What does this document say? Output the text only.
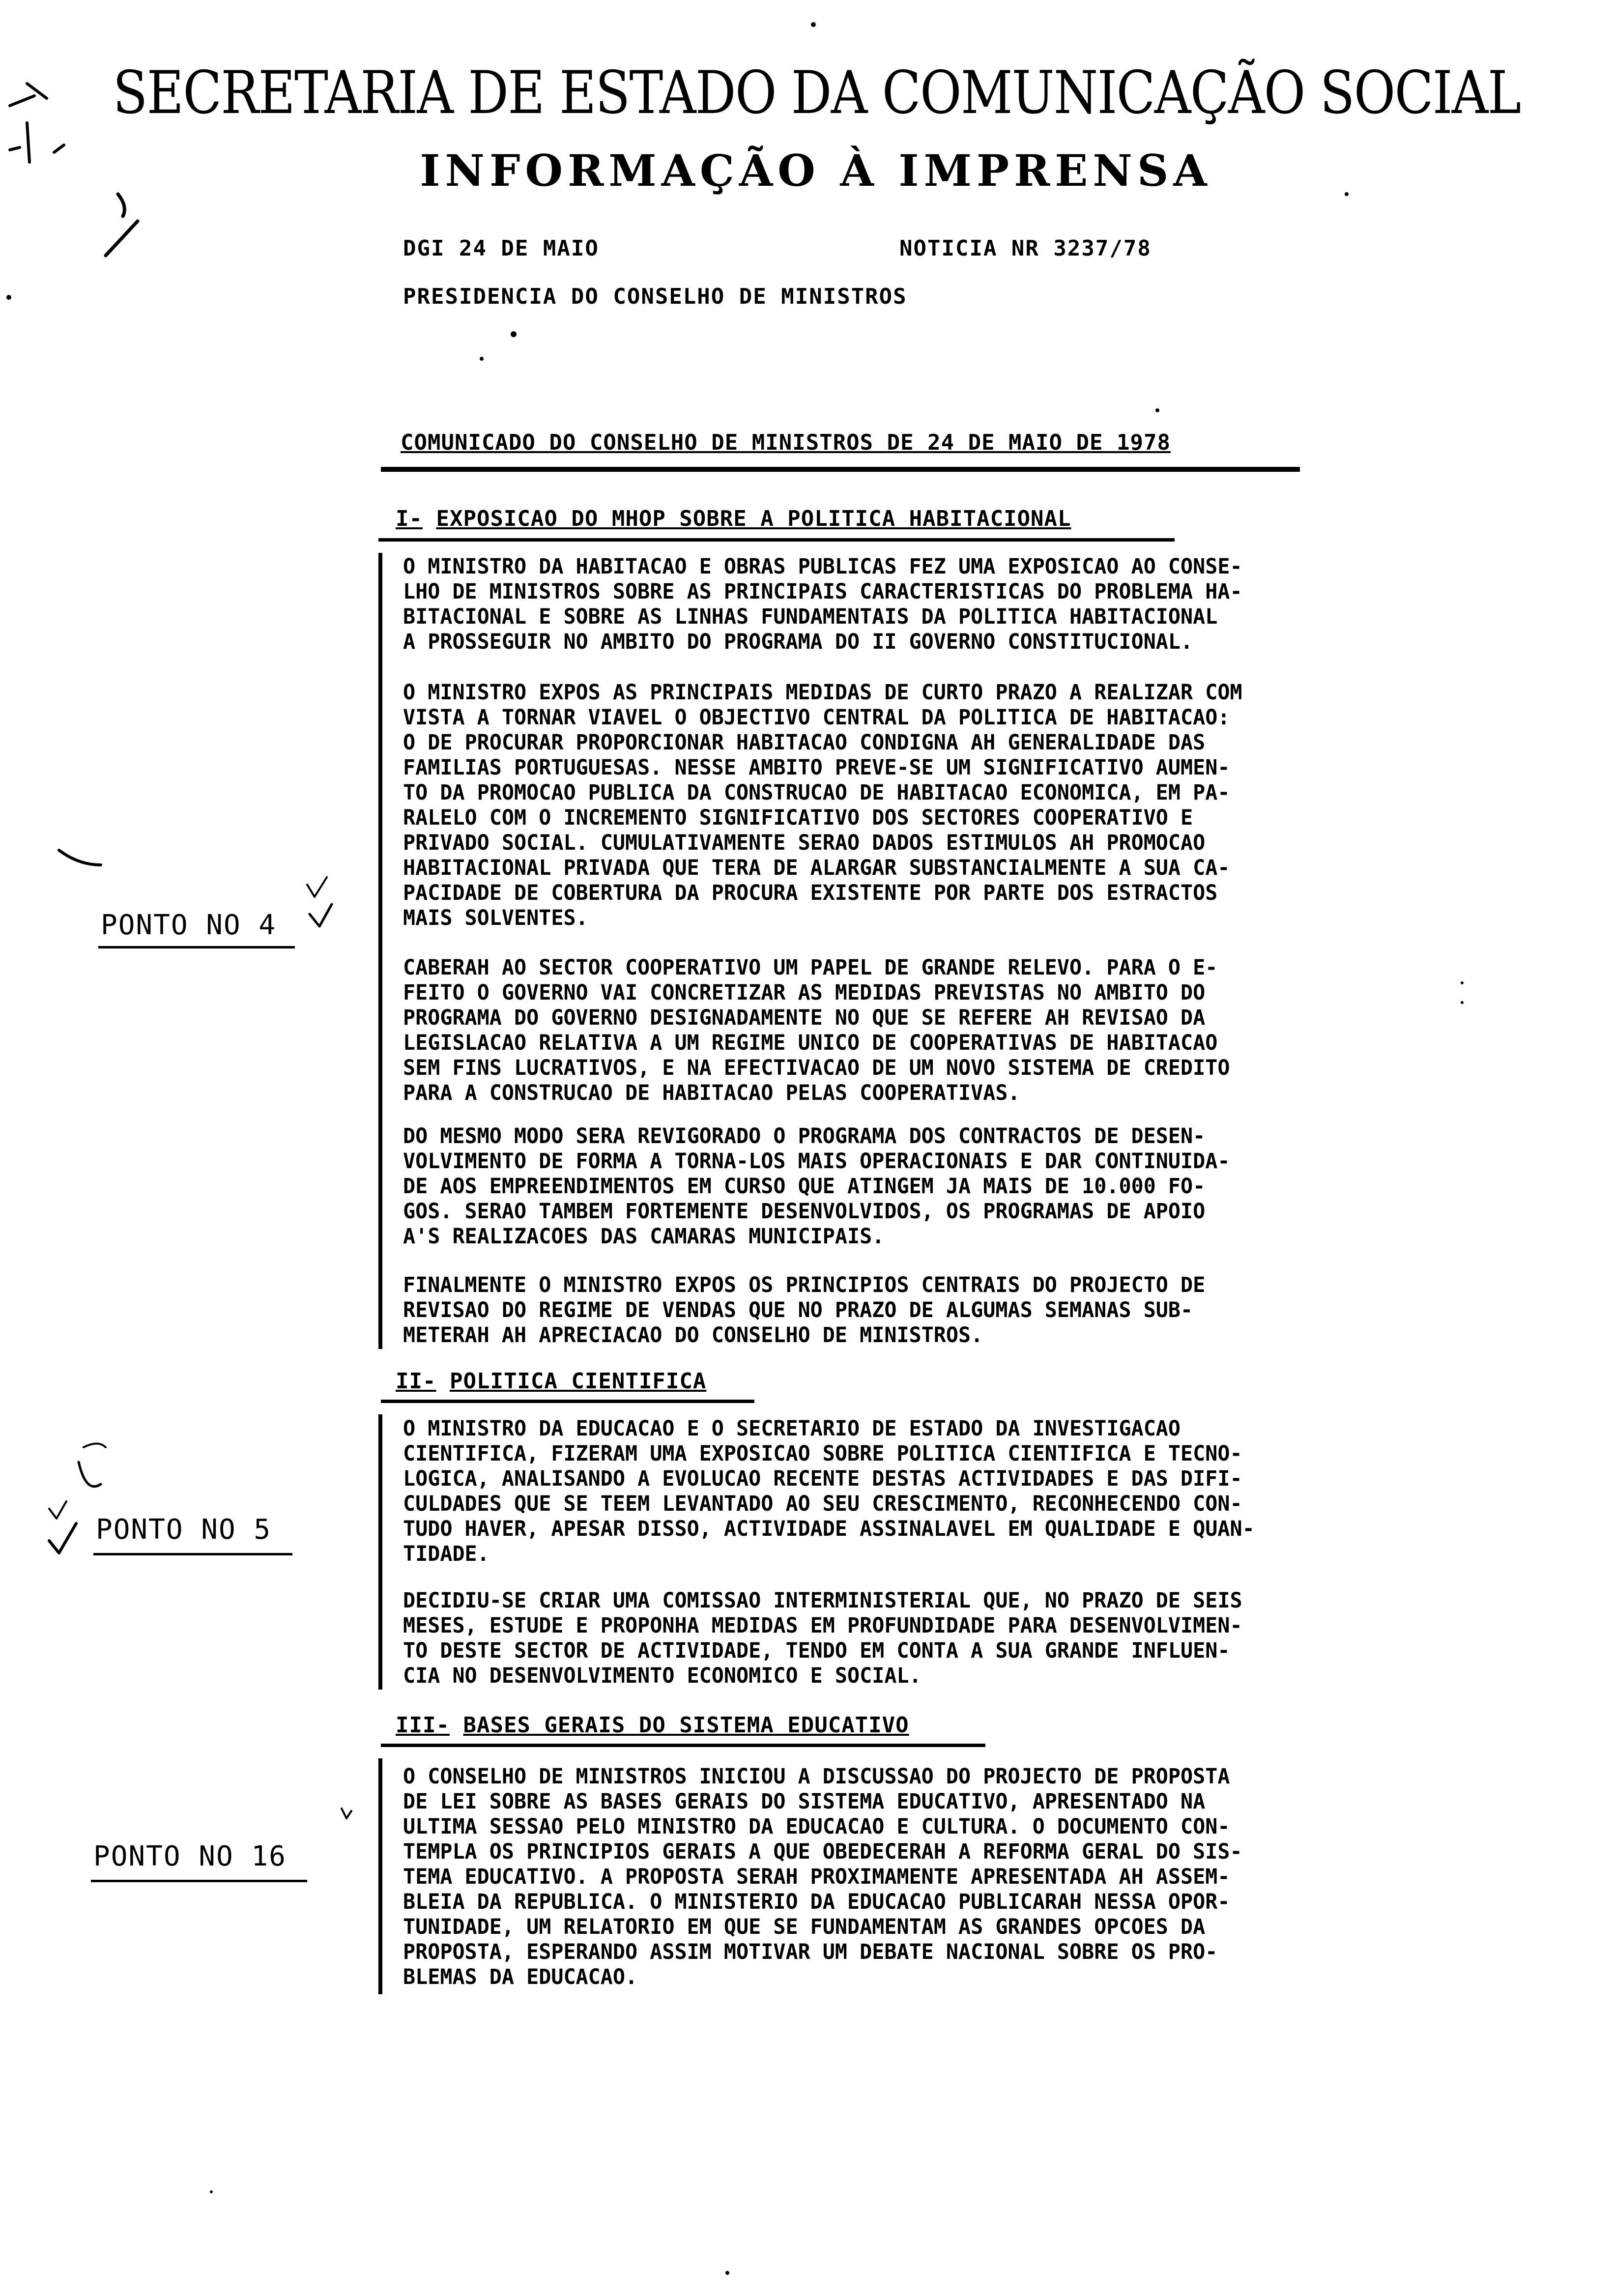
SECRETARIA DE ESTADO DA COMUNICAÇÃO SOCIAL
INFORMAÇÃO À IMPRENSA
DGI 24 DE MAIO	NOTICIA NR 3237/78
PRESIDENCIA DO CONSELHO DE MINISTROS
COMUNICADO DO CONSELHO DE MINISTROS DE 24 DE MAIO DE 1978
I- EXPOSICAO DO MHOP SOBRE A POLITICA HABITACIONAL
O MINISTRO DA HABITACAO E OBRAS PUBLICAS FEZ UMA EXPOSICAO AO CONSE-
LHO DE MINISTROS SOBRE AS PRINCIPAIS CARACTERISTICAS DO PROBLEMA HA-
BITACIONAL E SOBRE AS LINHAS FUNDAMENTAIS DA POLITICA HABITACIONAL
A PROSSEGUIR NO AMBITO DO PROGRAMA DO II GOVERNO CONSTITUCIONAL.
O MINISTRO EXPOS AS PRINCIPAIS MEDIDAS DE CURTO PRAZO A REALIZAR COM
VISTA A TORNAR VIAVEL O OBJECTIVO CENTRAL DA POLITICA DE HABITACAO:
O DE PROCURAR PROPORCIONAR HABITACAO CONDIGNA AH GENERALIDADE DAS
FAMILIAS PORTUGUESAS. NESSE AMBITO PREVE-SE UM SIGNIFICATIVO AUMEN-
TO DA PROMOCAO PUBLICA DA CONSTRUCAO DE HABITACAO ECONOMICA, EM PA-
RALELO COM O INCREMENTO SIGNIFICATIVO DOS SECTORES COOPERATIVO E
PRIVADO SOCIAL. CUMULATIVAMENTE SERAO DADOS ESTIMULOS AH PROMOCAO
HABITACIONAL PRIVADA QUE TERA DE ALARGAR SUBSTANCIALMENTE A SUA CA-
PACIDADE DE COBERTURA DA PROCURA EXISTENTE POR PARTE DOS ESTRACTOS
MAIS SOLVENTES.
CABERAH AO SECTOR COOPERATIVO UM PAPEL DE GRANDE RELEVO. PARA O E-
FEITO O GOVERNO VAI CONCRETIZAR AS MEDIDAS PREVISTAS NO AMBITO DO
PROGRAMA DO GOVERNO DESIGNADAMENTE NO QUE SE REFERE AH REVISAO DA
LEGISLACAO RELATIVA A UM REGIME UNICO DE COOPERATIVAS DE HABITACAO
SEM FINS LUCRATIVOS, E NA EFECTIVACAO DE UM NOVO SISTEMA DE CREDITO
PARA A CONSTRUCAO DE HABITACAO PELAS COOPERATIVAS.
DO MESMO MODO SERA REVIGORADO O PROGRAMA DOS CONTRACTOS DE DESEN-
VOLVIMENTO DE FORMA A TORNA-LOS MAIS OPERACIONAIS E DAR CONTINUIDA-
DE AOS EMPREENDIMENTOS EM CURSO QUE ATINGEM JA MAIS DE 10.000 FO-
GOS. SERAO TAMBEM FORTEMENTE DESENVOLVIDOS, OS PROGRAMAS DE APOIO
A'S REALIZACOES DAS CAMARAS MUNICIPAIS.
FINALMENTE O MINISTRO EXPOS OS PRINCIPIOS CENTRAIS DO PROJECTO DE
REVISAO DO REGIME DE VENDAS QUE NO PRAZO DE ALGUMAS SEMANAS SUB-
METERAH AH APRECIACAO DO CONSELHO DE MINISTROS.
II- POLITICA CIENTIFICA
O MINISTRO DA EDUCACAO E O SECRETARIO DE ESTADO DA INVESTIGACAO
CIENTIFICA, FIZERAM UMA EXPOSICAO SOBRE POLITICA CIENTIFICA E TECNO-
LOGICA, ANALISANDO A EVOLUCAO RECENTE DESTAS ACTIVIDADES E DAS DIFI-
CULDADES QUE SE TEEM LEVANTADO AO SEU CRESCIMENTO, RECONHECENDO CON-
TUDO HAVER, APESAR DISSO, ACTIVIDADE ASSINALAVEL EM QUALIDADE E QUAN-
TIDADE.
DECIDIU-SE CRIAR UMA COMISSAO INTERMINISTERIAL QUE, NO PRAZO DE SEIS
MESES, ESTUDE E PROPONHA MEDIDAS EM PROFUNDIDADE PARA DESENVOLVIMEN-
TO DESTE SECTOR DE ACTIVIDADE, TENDO EM CONTA A SUA GRANDE INFLUEN-
CIA NO DESENVOLVIMENTO ECONOMICO E SOCIAL.
III- BASES GERAIS DO SISTEMA EDUCATIVO
O CONSELHO DE MINISTROS INICIOU A DISCUSSAO DO PROJECTO DE PROPOSTA
DE LEI SOBRE AS BASES GERAIS DO SISTEMA EDUCATIVO, APRESENTADO NA
ULTIMA SESSAO PELO MINISTRO DA EDUCACAO E CULTURA. O DOCUMENTO CON-
TEMPLA OS PRINCIPIOS GERAIS A QUE OBEDECERAH A REFORMA GERAL DO SIS-
TEMA EDUCATIVO. A PROPOSTA SERAH PROXIMAMENTE APRESENTADA AH ASSEM-
BLEIA DA REPUBLICA. O MINISTERIO DA EDUCACAO PUBLICARAH NESSA OPOR-
TUNIDADE, UM RELATORIO EM QUE SE FUNDAMENTAM AS GRANDES OPCOES DA
PROPOSTA, ESPERANDO ASSIM MOTIVAR UM DEBATE NACIONAL SOBRE OS PRO-
BLEMAS DA EDUCACAO.
PONTO NO 4
PONTO NO 5
PONTO NO 16
